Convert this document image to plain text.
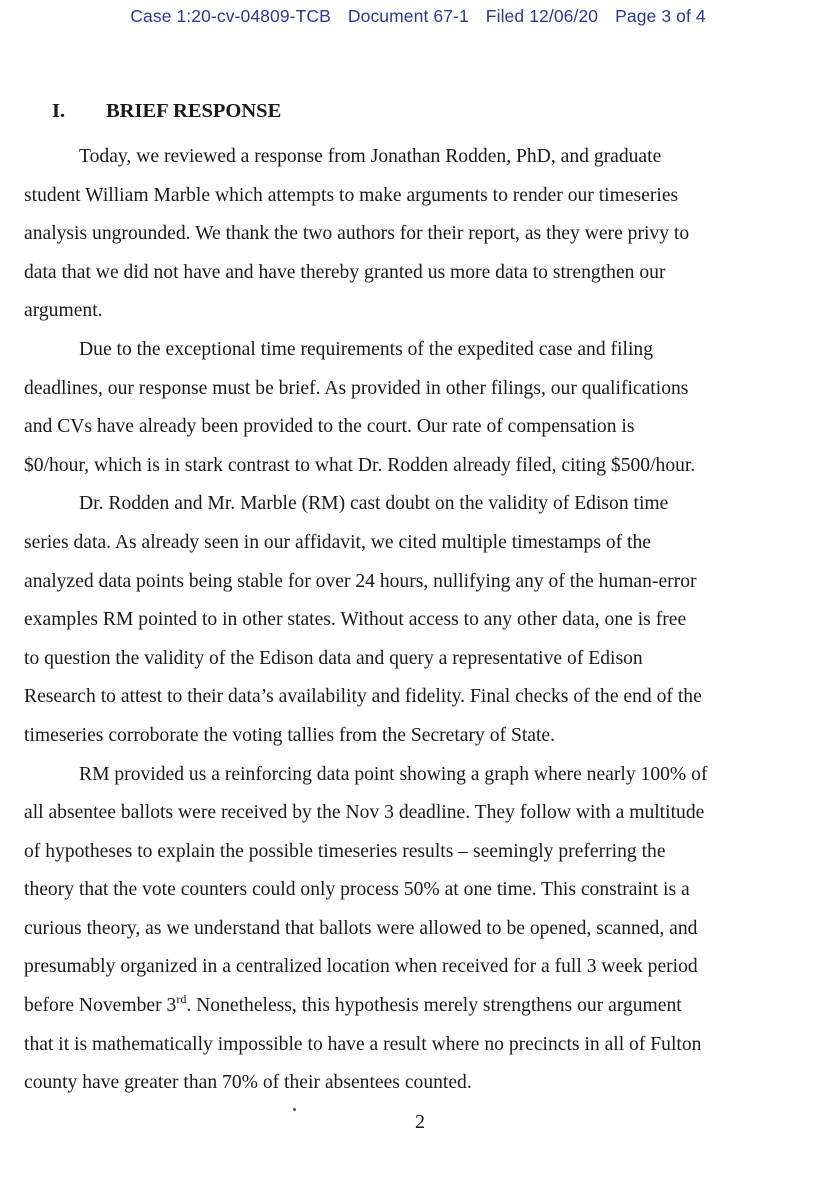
Case 1:20-cv-04809-TCB Document 67-1 Filed 12/06/20 Page 3 of 4
I. BRIEF RESPONSE

Today, we reviewed a response from Jonathan Rodden, PhD, and graduate
student William Marble which attempts to make arguments to render our timeseries
analysis ungrounded. We thank the two authors for their report, as they were privy to
data that we did not have and have thereby granted us more data to strengthen our
argument.

Due to the exceptional time requirements of the expedited case and filing
deadlines, our response must be brief. As provided in other filings, our qualifications
and CVs have already been provided to the court. Our rate of compensation is
$0/hour, which is in stark contrast to what Dr. Rodden already filed, citing $500/hour.

Dr. Rodden and Mr. Marble (RM) cast doubt on the validity of Edison time
series data. As already seen in our affidavit, we cited multiple timestamps of the
analyzed data points being stable for over 24 hours, nullifying any of the human-error
examples RM pointed to in other states. Without access to any other data, one is free
to question the validity of the Edison data and query a representative of Edison
Research to attest to their data’s availability and fidelity. Final checks of the end of the
timeseries corroborate the voting tallies from the Secretary of State.

RM provided us a reinforcing data point showing a graph where nearly 100% of
all absentee ballots were received by the Nov 3 deadline. They follow with a multitude
of hypotheses to explain the possible timeseries results – seemingly preferring the
theory that the vote counters could only process 50% at one time. This constraint is a
curious theory, as we understand that ballots were allowed to be opened, scanned, and
presumably organized in a centralized location when received for a full 3 week period
before November 3rd. Nonetheless, this hypothesis merely strengthens our argument
that it is mathematically impossible to have a result where no precincts in all of Fulton
county have greater than 70% of their absentees counted.

2
